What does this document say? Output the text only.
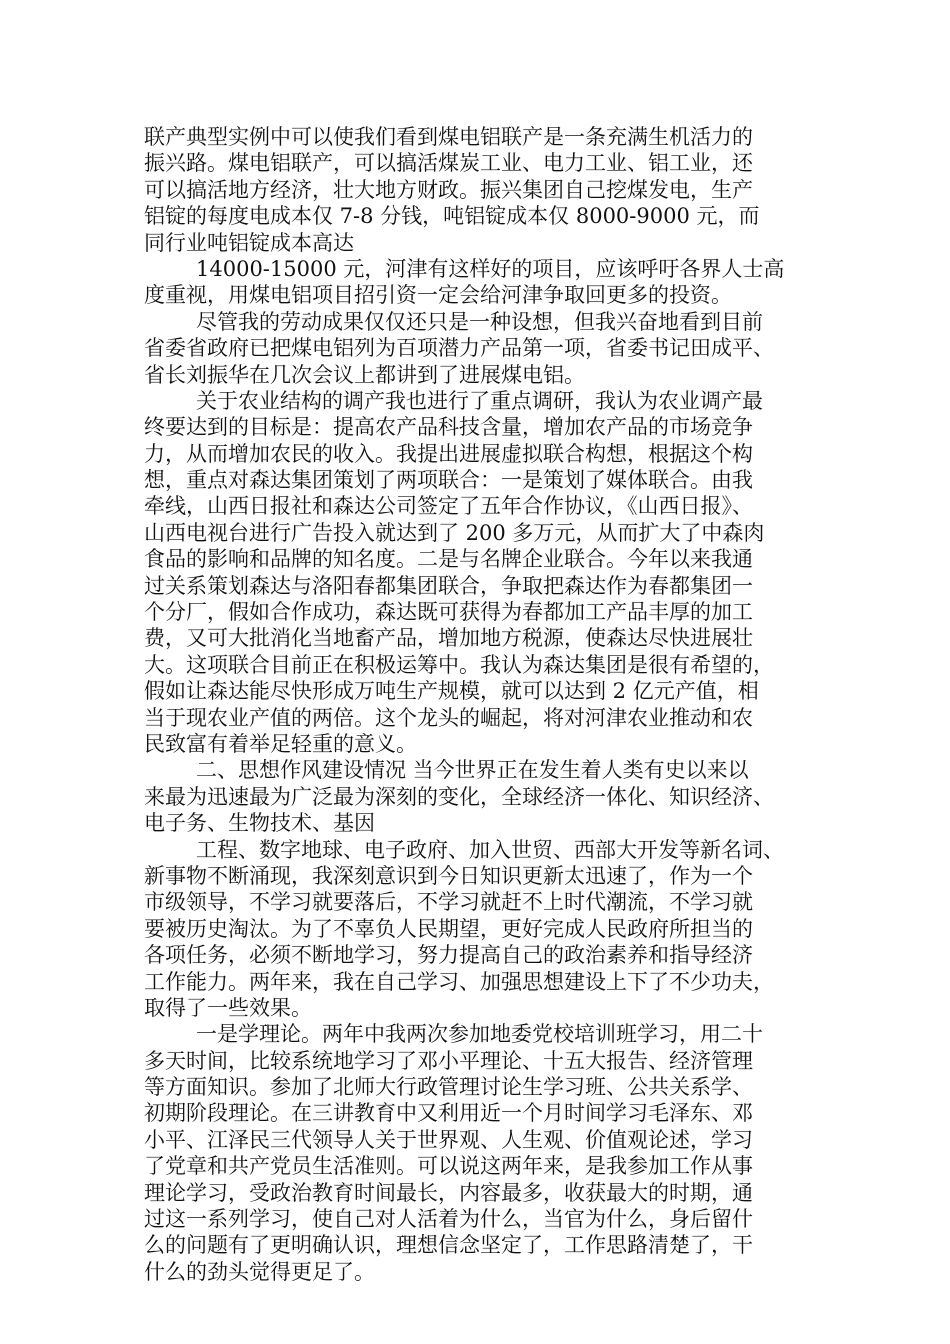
联产典型实例中可以使我们看到煤电铝联产是一条充满生机活力的
振兴路。煤电铝联产，可以搞活煤炭工业、电力工业、铝工业，还
可以搞活地方经济，壮大地方财政。振兴集团自己挖煤发电，生产
铝锭的每度电成本仅 7-8 分钱，吨铝锭成本仅 8000-9000 元，而
同行业吨铝锭成本高达
14000-15000 元，河津有这样好的项目，应该呼吁各界人士高
度重视，用煤电铝项目招引资一定会给河津争取回更多的投资。
尽管我的劳动成果仅仅还只是一种设想，但我兴奋地看到目前
省委省政府已把煤电铝列为百项潜力产品第一项，省委书记田成平、
省长刘振华在几次会议上都讲到了进展煤电铝。
关于农业结构的调产我也进行了重点调研，我认为农业调产最
终要达到的目标是：提高农产品科技含量，增加农产品的市场竞争
力，从而增加农民的收入。我提出进展虚拟联合构想，根据这个构
想，重点对森达集团策划了两项联合：一是策划了媒体联合。由我
牵线，山西日报社和森达公司签定了五年合作协议，《山西日报》、
山西电视台进行广告投入就达到了 200 多万元，从而扩大了中森肉
食品的影响和品牌的知名度。二是与名牌企业联合。今年以来我通
过关系策划森达与洛阳春都集团联合，争取把森达作为春都集团一
个分厂，假如合作成功，森达既可获得为春都加工产品丰厚的加工
费，又可大批消化当地畜产品，增加地方税源，使森达尽快进展壮
大。这项联合目前正在积极运筹中。我认为森达集团是很有希望的，
假如让森达能尽快形成万吨生产规模，就可以达到 2 亿元产值，相
当于现农业产值的两倍。这个龙头的崛起，将对河津农业推动和农
民致富有着举足轻重的意义。
二、思想作风建设情况 当今世界正在发生着人类有史以来以
来最为迅速最为广泛最为深刻的变化，全球经济一体化、知识经济、
电子务、生物技术、基因
工程、数字地球、电子政府、加入世贸、西部大开发等新名词、
新事物不断涌现，我深刻意识到今日知识更新太迅速了，作为一个
市级领导，不学习就要落后，不学习就赶不上时代潮流，不学习就
要被历史淘汰。为了不辜负人民期望，更好完成人民政府所担当的
各项任务，必须不断地学习，努力提高自己的政治素养和指导经济
工作能力。两年来，我在自己学习、加强思想建设上下了不少功夫，
取得了一些效果。
一是学理论。两年中我两次参加地委党校培训班学习，用二十
多天时间，比较系统地学习了邓小平理论、十五大报告、经济管理
等方面知识。参加了北师大行政管理讨论生学习班、公共关系学、
初期阶段理论。在三讲教育中又利用近一个月时间学习毛泽东、邓
小平、江泽民三代领导人关于世界观、人生观、价值观论述，学习
了党章和共产党员生活准则。可以说这两年来，是我参加工作从事
理论学习，受政治教育时间最长，内容最多，收获最大的时期，通
过这一系列学习，使自己对人活着为什么，当官为什么，身后留什
么的问题有了更明确认识，理想信念坚定了，工作思路清楚了，干
什么的劲头觉得更足了。
